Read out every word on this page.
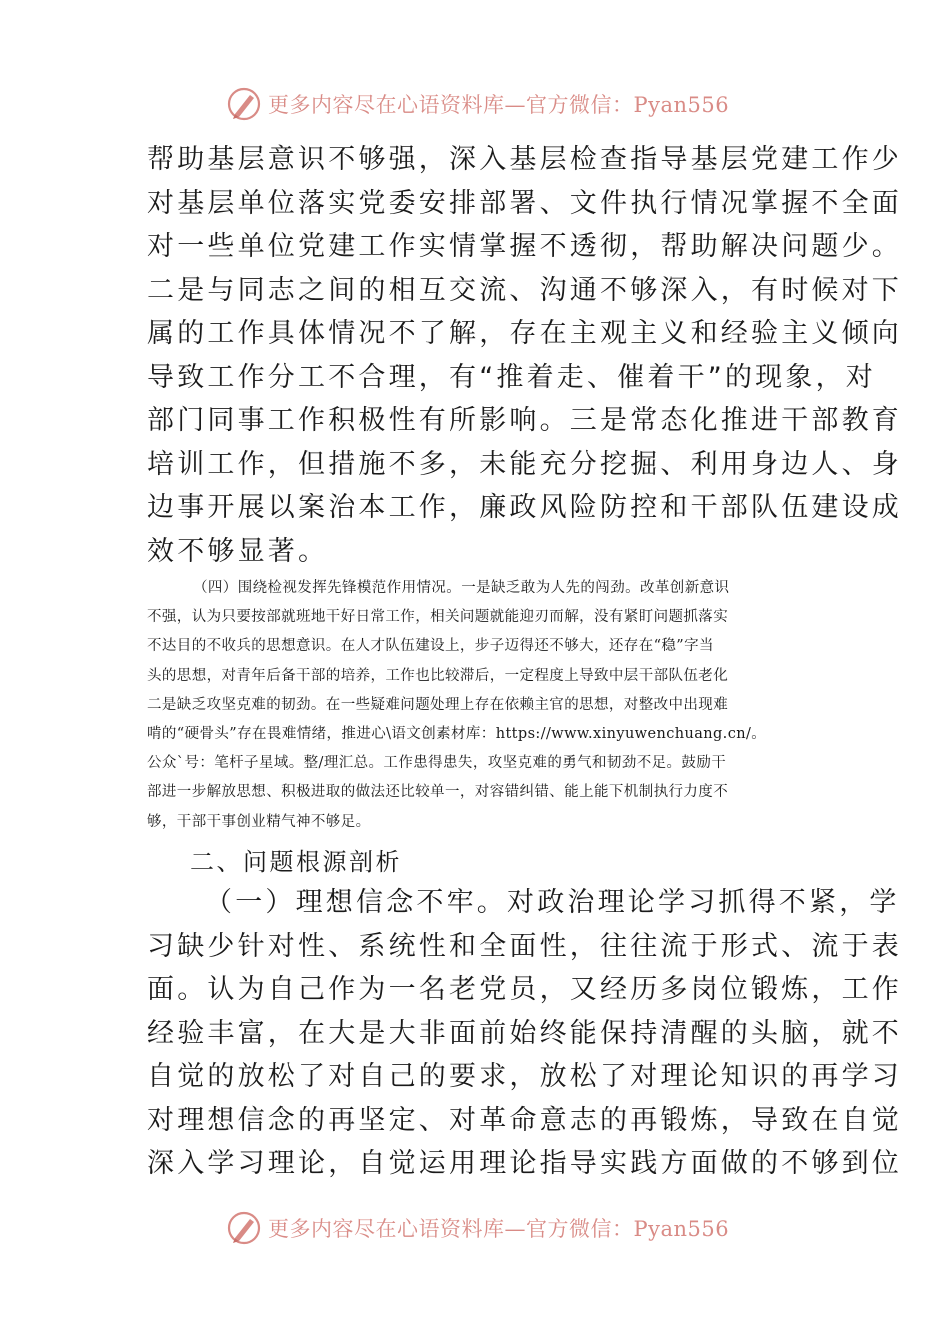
更多内容尽在心语资料库—官方微信：Pyan556
帮助基层意识不够强，深入基层检查指导基层党建工作少
对基层单位落实党委安排部署、文件执行情况掌握不全面
对一些单位党建工作实情掌握不透彻，帮助解决问题少。
二是与同志之间的相互交流、沟通不够深入，有时候对下
属的工作具体情况不了解，存在主观主义和经验主义倾向
导致工作分工不合理，有“推着走、催着干”的现象，对
部门同事工作积极性有所影响。三是常态化推进干部教育
培训工作，但措施不多，未能充分挖掘、利用身边人、身
边事开展以案治本工作，廉政风险防控和干部队伍建设成
效不够显著。
（四）围绕检视发挥先锋模范作用情况。一是缺乏敢为人先的闯劲。改革创新意识
不强，认为只要按部就班地干好日常工作，相关问题就能迎刃而解，没有紧盯问题抓落实
不达目的不收兵的思想意识。在人才队伍建设上，步子迈得还不够大，还存在“稳”字当
头的思想，对青年后备干部的培养，工作也比较滞后，一定程度上导致中层干部队伍老化
二是缺乏攻坚克难的韧劲。在一些疑难问题处理上存在依赖主官的思想，对整改中出现难
啃的“硬骨头”存在畏难情绪，推进心\语文创素材库：https://www.xinyuwenchuang.cn/。
公众`号：笔杆子星域。整/理汇总。工作患得患失，攻坚克难的勇气和韧劲不足。鼓励干
部进一步解放思想、积极进取的做法还比较单一，对容错纠错、能上能下机制执行力度不
够，干部干事创业精气神不够足。
二、问题根源剖析
（一）理想信念不牢。对政治理论学习抓得不紧，学
习缺少针对性、系统性和全面性，往往流于形式、流于表
面。认为自己作为一名老党员，又经历多岗位锻炼，工作
经验丰富，在大是大非面前始终能保持清醒的头脑，就不
自觉的放松了对自己的要求，放松了对理论知识的再学习
对理想信念的再坚定、对革命意志的再锻炼，导致在自觉
深入学习理论，自觉运用理论指导实践方面做的不够到位
更多内容尽在心语资料库—官方微信：Pyan556
